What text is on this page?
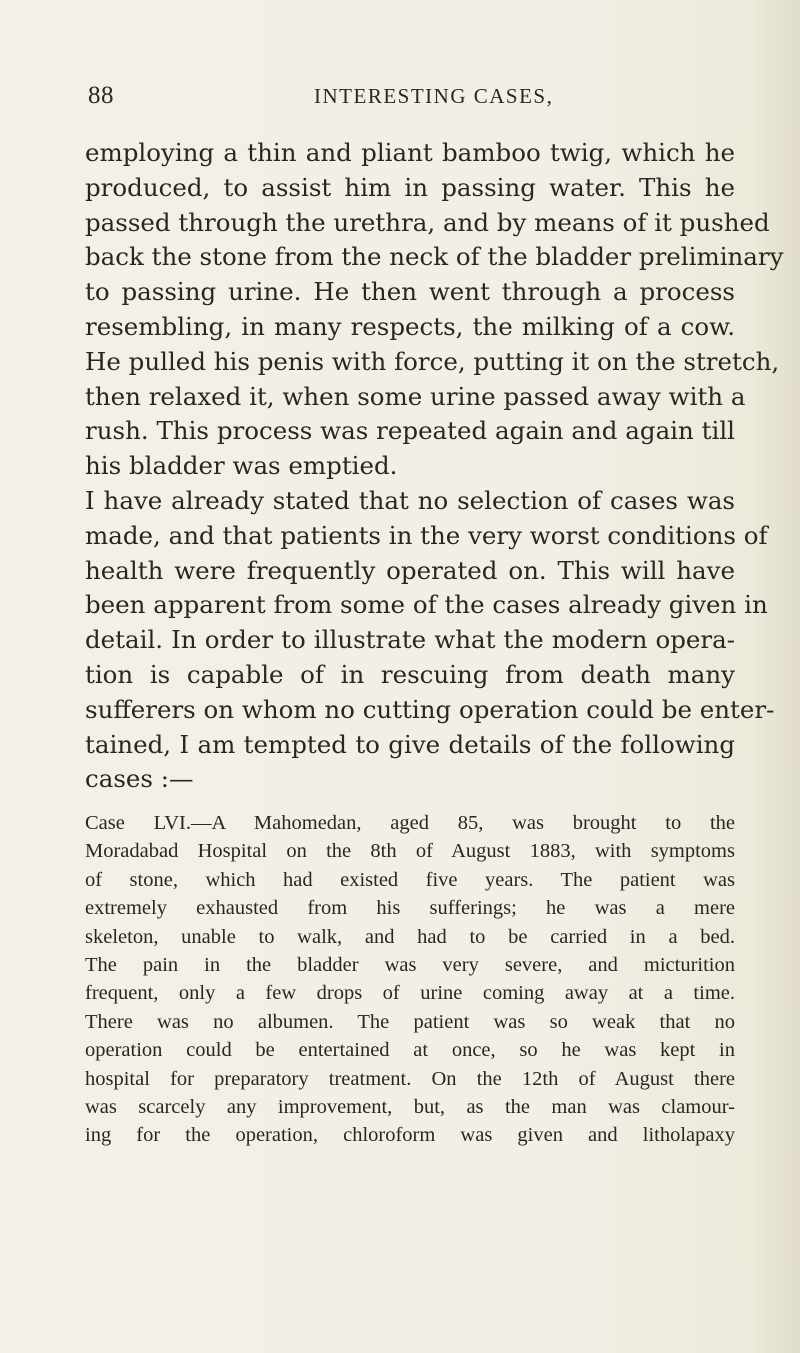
88	INTERESTING CASES,
employing a thin and pliant bamboo twig, which he
produced, to assist him in passing water. This he
passed through the urethra, and by means of it pushed
back the stone from the neck of the bladder preliminary
to passing urine. He then went through a process
resembling, in many respects, the milking of a cow.
He pulled his penis with force, putting it on the stretch,
then relaxed it, when some urine passed away with a
rush. This process was repeated again and again till
his bladder was emptied.
I have already stated that no selection of cases was
made, and that patients in the very worst conditions of
health were frequently operated on. This will have
been apparent from some of the cases already given in
detail. In order to illustrate what the modern opera-
tion is capable of in rescuing from death many
sufferers on whom no cutting operation could be enter-
tained, I am tempted to give details of the following
cases :—
Case LVI.—A Mahomedan, aged 85, was brought to the
Moradabad Hospital on the 8th of August 1883, with symptoms
of stone, which had existed five years. The patient was
extremely exhausted from his sufferings; he was a mere
skeleton, unable to walk, and had to be carried in a bed.
The pain in the bladder was very severe, and micturition
frequent, only a few drops of urine coming away at a time.
There was no albumen. The patient was so weak that no
operation could be entertained at once, so he was kept in
hospital for preparatory treatment. On the 12th of August there
was scarcely any improvement, but, as the man was clamour-
ing for the operation, chloroform was given and litholapaxy
